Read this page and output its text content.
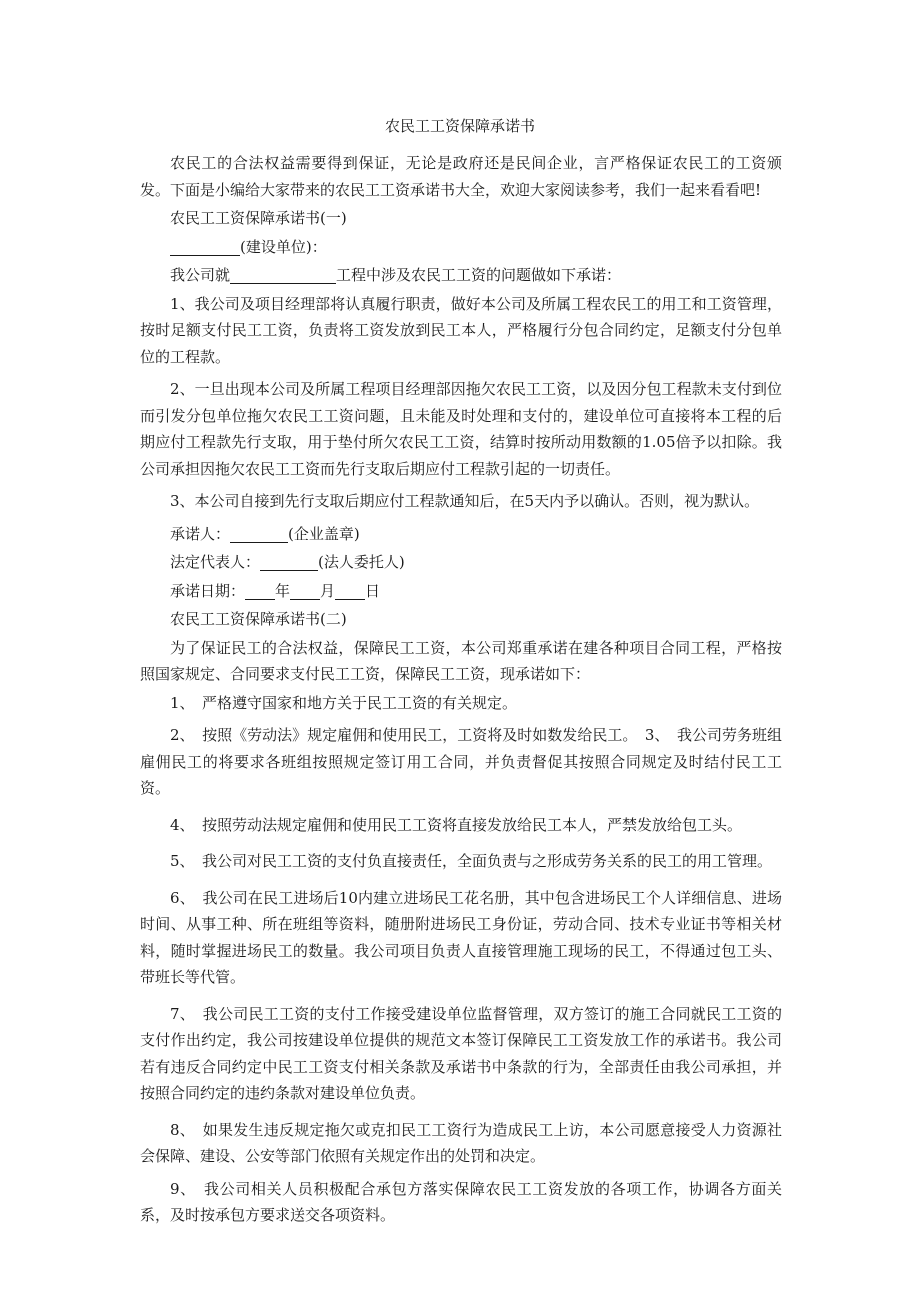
农民工工资保障承诺书

农民工的合法权益需要得到保证，无论是政府还是民间企业，言严格保证农民工的工资颁发。下面是小编给大家带来的农民工工资承诺书大全，欢迎大家阅读参考，我们一起来看看吧!

农民工工资保障承诺书(一)
(建设单位)：
我公司就	工程中涉及农民工工资的问题做如下承诺：

1、我公司及项目经理部将认真履行职责，做好本公司及所属工程农民工的用工和工资管理，按时足额支付民工工资，负责将工资发放到民工本人，严格履行分包合同约定，足额支付分包单位的工程款。

2、一旦出现本公司及所属工程项目经理部因拖欠农民工工资，以及因分包工程款未支付到位而引发分包单位拖欠农民工工资问题，且未能及时处理和支付的，建设单位可直接将本工程的后期应付工程款先行支取，用于垫付所欠农民工工资，结算时按所动用数额的1.05倍予以扣除。我公司承担因拖欠农民工工资而先行支取后期应付工程款引起的一切责任。

3、本公司自接到先行支取后期应付工程款通知后，在5天内予以确认。否则，视为默认。

承诺人：	(企业盖章)
法定代表人：	(法人委托人)
承诺日期： 年 月 日
农民工工资保障承诺书(二)

为了保证民工的合法权益，保障民工工资，本公司郑重承诺在建各种项目合同工程，严格按照国家规定、合同要求支付民工工资，保障民工工资，现承诺如下：

1、　严格遵守国家和地方关于民工工资的有关规定。

2、　按照《劳动法》规定雇佣和使用民工，工资将及时如数发给民工。　3、　我公司劳务班组雇佣民工的将要求各班组按照规定签订用工合同，并负责督促其按照合同规定及时结付民工工资。

4、　按照劳动法规定雇佣和使用民工工资将直接发放给民工本人，严禁发放给包工头。

5、　我公司对民工工资的支付负直接责任，全面负责与之形成劳务关系的民工的用工管理。

6、　我公司在民工进场后10内建立进场民工花名册，其中包含进场民工个人详细信息、进场时间、从事工种、所在班组等资料，随册附进场民工身份证，劳动合同、技术专业证书等相关材料，随时掌握进场民工的数量。我公司项目负责人直接管理施工现场的民工，不得通过包工头、带班长等代管。

7、　我公司民工工资的支付工作接受建设单位监督管理，双方签订的施工合同就民工工资的支付作出约定，我公司按建设单位提供的规范文本签订保障民工工资发放工作的承诺书。我公司若有违反合同约定中民工工资支付相关条款及承诺书中条款的行为，全部责任由我公司承担，并按照合同约定的违约条款对建设单位负责。

8、　如果发生违反规定拖欠或克扣民工工资行为造成民工上访，本公司愿意接受人力资源社会保障、建设、公安等部门依照有关规定作出的处罚和决定。

9、　我公司相关人员积极配合承包方落实保障农民工工资发放的各项工作，协调各方面关系，及时按承包方要求送交各项资料。
